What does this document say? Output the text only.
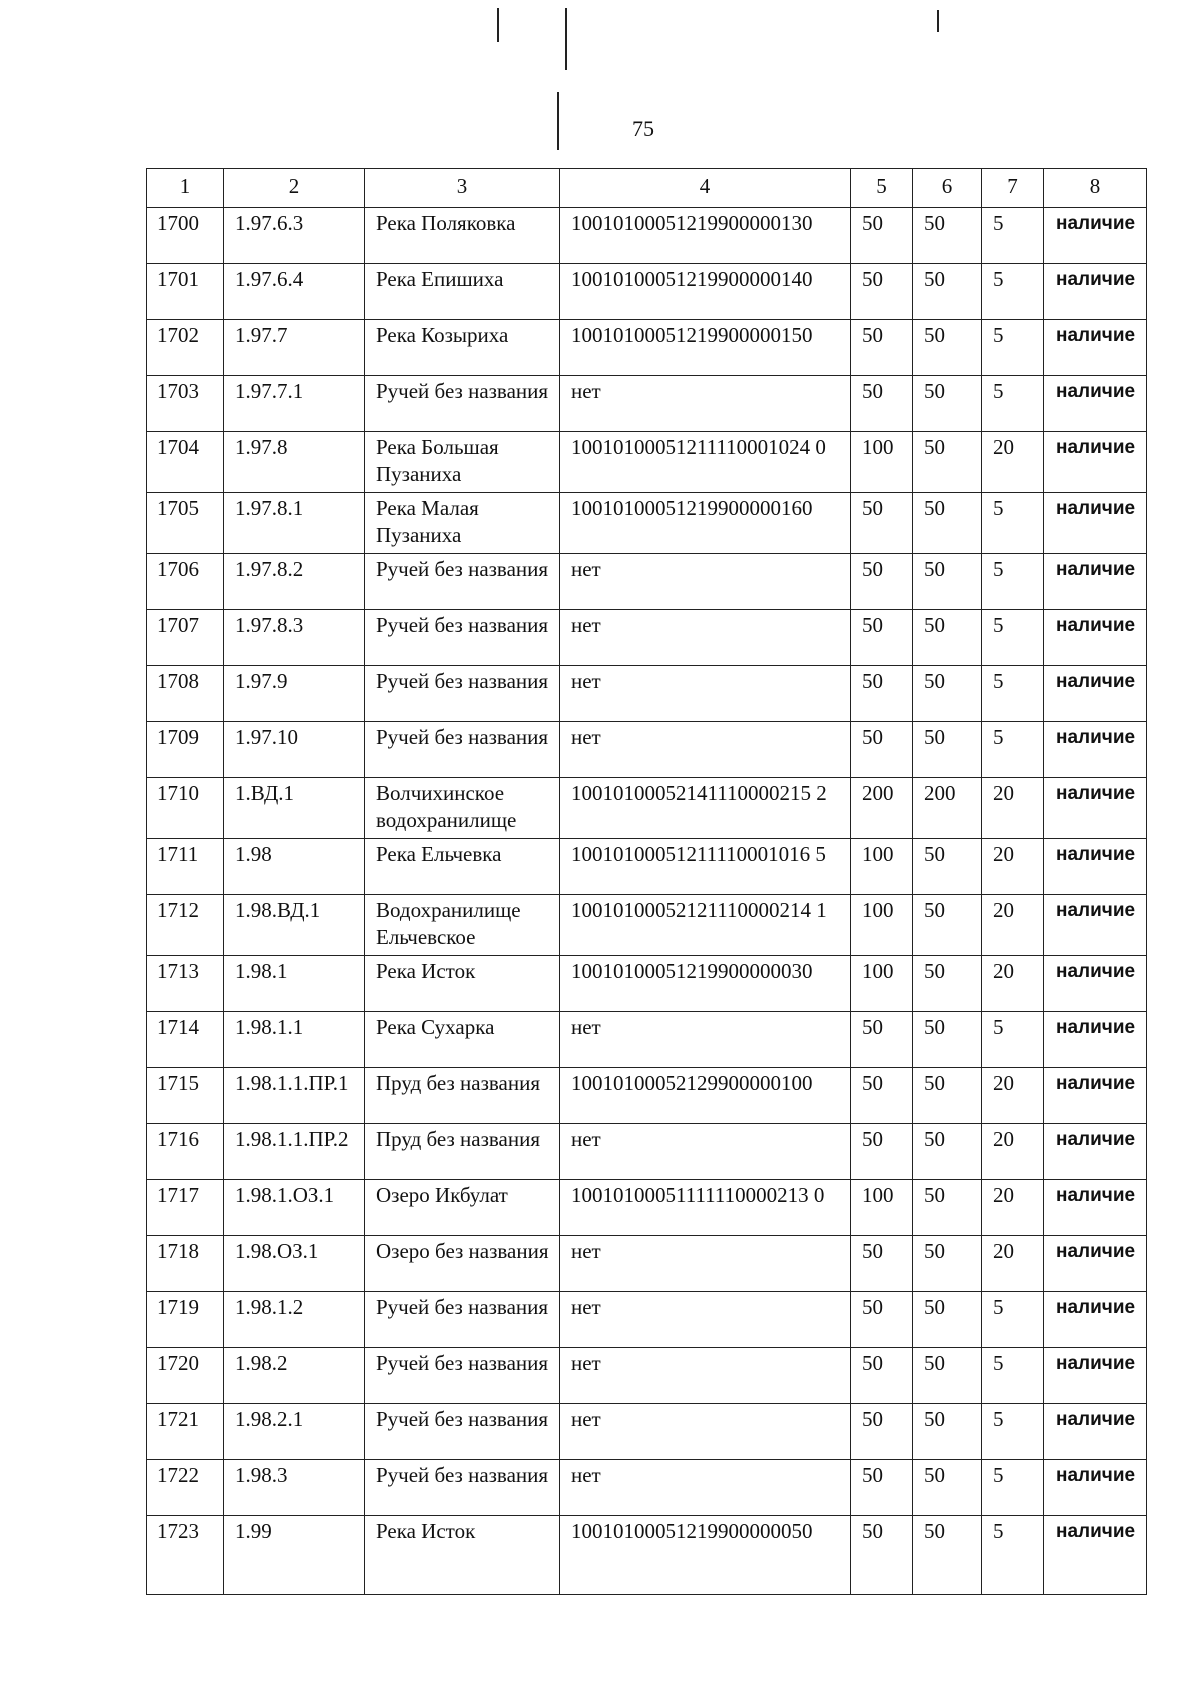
75
1	2	3	4	5	6	7	8
1700	1.97.6.3	Река Поляковка	10010100051219900000130	50	50	5	наличие
1701	1.97.6.4	Река Епишиха	10010100051219900000140	50	50	5	наличие
1702	1.97.7	Река Козыриха	10010100051219900000150	50	50	5	наличие
1703	1.97.7.1	Ручей без названия	нет	50	50	5	наличие
1704	1.97.8	Река Большая Пузаниха	10010100051211110001024 0	100	50	20	наличие
1705	1.97.8.1	Река Малая Пузаниха	10010100051219900000160	50	50	5	наличие
1706	1.97.8.2	Ручей без названия	нет	50	50	5	наличие
1707	1.97.8.3	Ручей без названия	нет	50	50	5	наличие
1708	1.97.9	Ручей без названия	нет	50	50	5	наличие
1709	1.97.10	Ручей без названия	нет	50	50	5	наличие
1710	1.ВД.1	Волчихинское водохранилище	10010100052141110000215 2	200	200	20	наличие
1711	1.98	Река Ельчевка	10010100051211110001016 5	100	50	20	наличие
1712	1.98.ВД.1	Водохранилище Ельчевское	10010100052121110000214 1	100	50	20	наличие
1713	1.98.1	Река Исток	10010100051219900000030	100	50	20	наличие
1714	1.98.1.1	Река Сухарка	нет	50	50	5	наличие
1715	1.98.1.1.ПР.1	Пруд без названия	10010100052129900000100	50	50	20	наличие
1716	1.98.1.1.ПР.2	Пруд без названия	нет	50	50	20	наличие
1717	1.98.1.ОЗ.1	Озеро Икбулат	10010100051111110000213 0	100	50	20	наличие
1718	1.98.ОЗ.1	Озеро без названия	нет	50	50	20	наличие
1719	1.98.1.2	Ручей без названия	нет	50	50	5	наличие
1720	1.98.2	Ручей без названия	нет	50	50	5	наличие
1721	1.98.2.1	Ручей без названия	нет	50	50	5	наличие
1722	1.98.3	Ручей без названия	нет	50	50	5	наличие
1723	1.99	Река Исток	10010100051219900000050	50	50	5	наличие
